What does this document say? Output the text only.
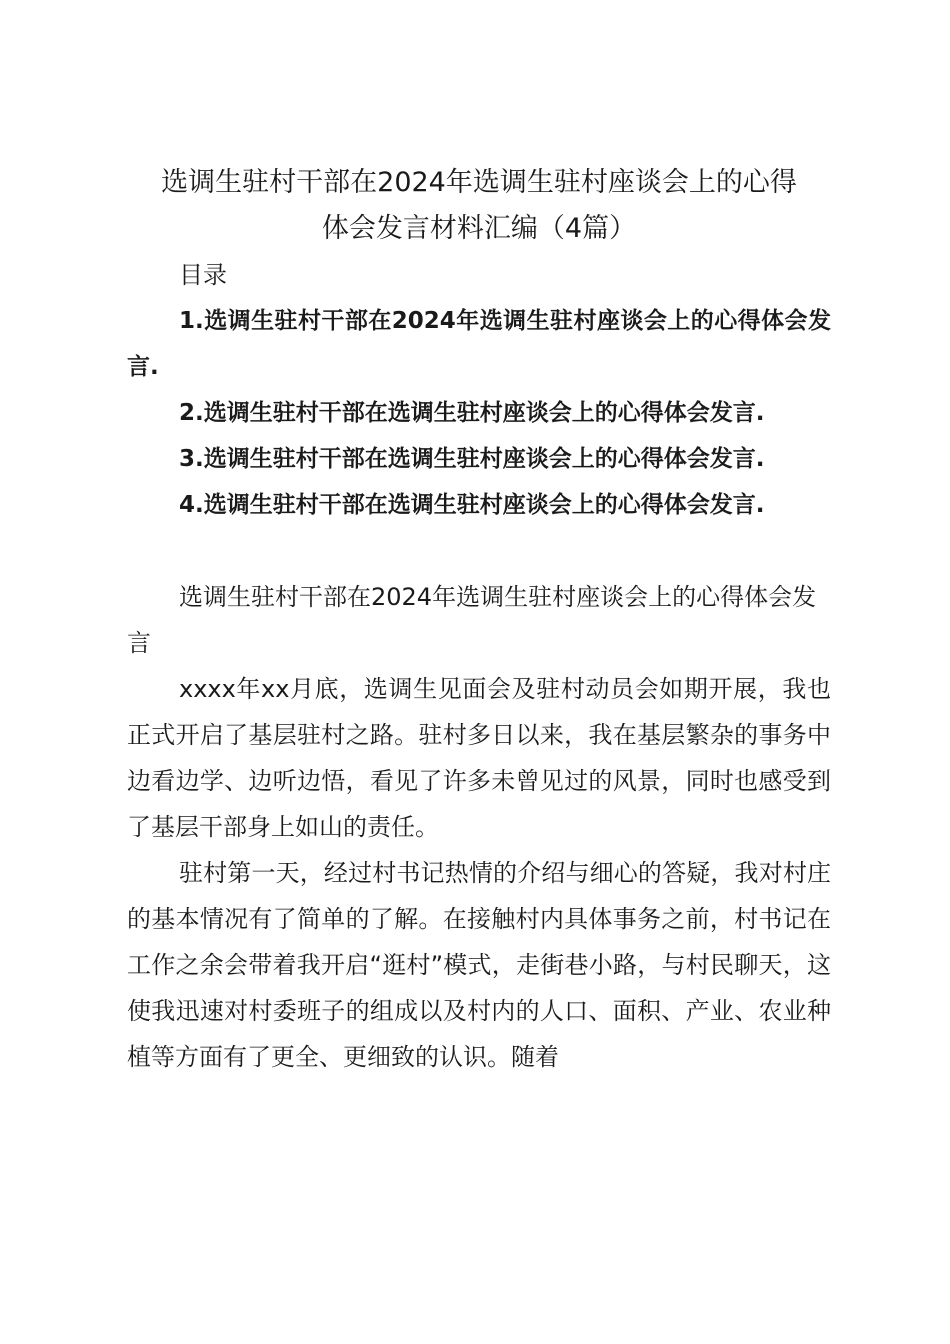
选调生驻村干部在2024年选调生驻村座谈会上的心得

体会发言材料汇编（4篇）

目录

1.选调生驻村干部在2024年选调生驻村座谈会上的心得体会发言.

2.选调生驻村干部在选调生驻村座谈会上的心得体会发言.

3.选调生驻村干部在选调生驻村座谈会上的心得体会发言.

4.选调生驻村干部在选调生驻村座谈会上的心得体会发言.

选调生驻村干部在2024年选调生驻村座谈会上的心得体会发言

xxxx年xx月底，选调生见面会及驻村动员会如期开展，我也正式开启了基层驻村之路。驻村多日以来，我在基层繁杂的事务中边看边学、边听边悟，看见了许多未曾见过的风景，同时也感受到了基层干部身上如山的责任。

驻村第一天，经过村书记热情的介绍与细心的答疑，我对村庄的基本情况有了简单的了解。在接触村内具体事务之前，村书记在工作之余会带着我开启“逛村”模式，走街巷小路，与村民聊天，这使我迅速对村委班子的组成以及村内的人口、面积、产业、农业种植等方面有了更全、更细致的认识。随着
